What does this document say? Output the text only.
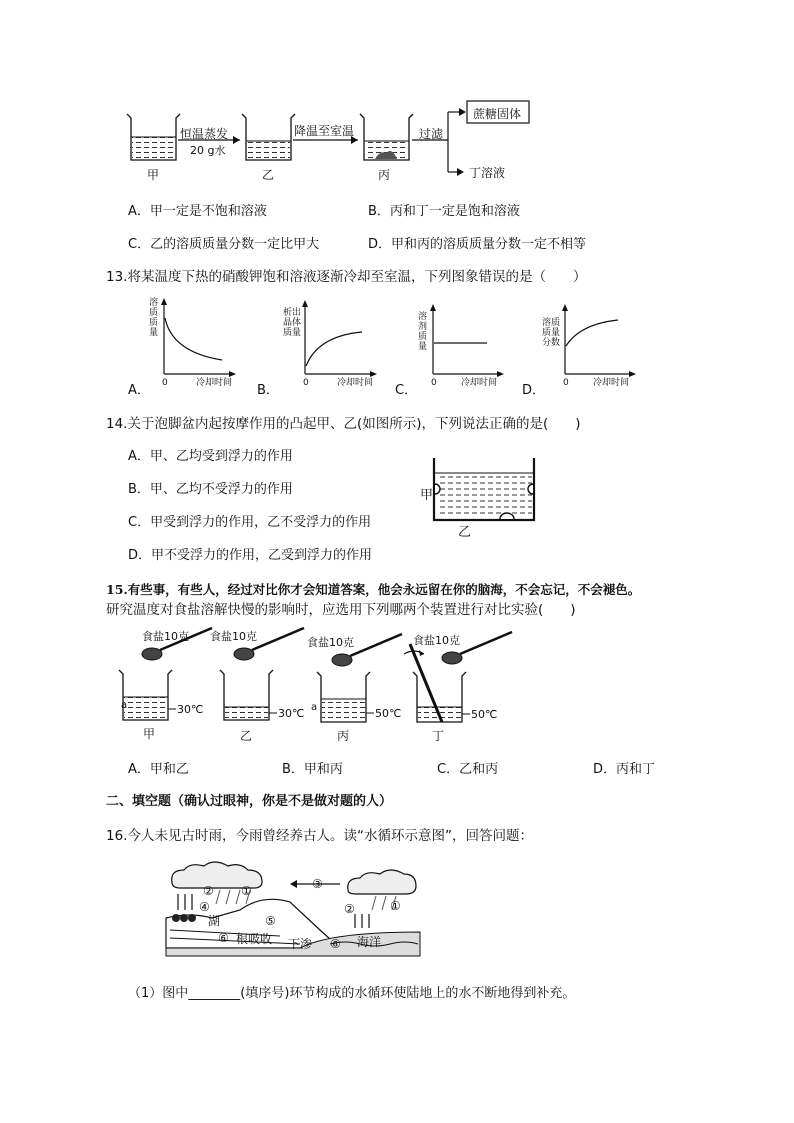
恒温蒸发
20 g水
降温至室温	过滤
蔗糖固体
丁溶液
甲	乙	丙
A．甲一定是不饱和溶液	B．丙和丁一定是饱和溶液
C．乙的溶质质量分数一定比甲大	D．甲和丙的溶质质量分数一定不相等
13.将某温度下热的硝酸钾饱和溶液逐渐冷却至室温，下列图象错误的是（　　）
溶
质
质
量
0	冷却时间
A．
析出
晶体
质量
0	冷却时间
B．
溶
剂
质
量
0	冷却时间
C．
溶质
质量
分数
0	冷却时间
D．
14.关于泡脚盆内起按摩作用的凸起甲、乙(如图所示)，下列说法正确的是(　　)
A．甲、乙均受到浮力的作用
B．甲、乙均不受浮力的作用
C．甲受到浮力的作用，乙不受浮力的作用
D．甲不受浮力的作用，乙受到浮力的作用
甲
乙
15.有些事，有些人，经过对比你才会知道答案，他会永远留在你的脑海，不会忘记，不会褪色。
研究温度对食盐溶解快慢的影响时，应选用下列哪两个装置进行对比实验(　　)
食盐10克 食盐10克	食盐10克	食盐10克
a	a
30℃	30℃	50℃	50℃
甲	乙	丙	丁
A．甲和乙	B．甲和丙	C．乙和丙	D．丙和丁
二、填空题（确认过眼神，你是不是做对题的人）
16.今人未见古时雨，今雨曾经养古人。读“水循环示意图”，回答问题：
② ①	③
①
②
④
湖	⑤
⑥ 根吸收 下渗 ⑥ 海洋
（1）图中________(填序号)环节构成的水循环使陆地上的水不断地得到补充。
